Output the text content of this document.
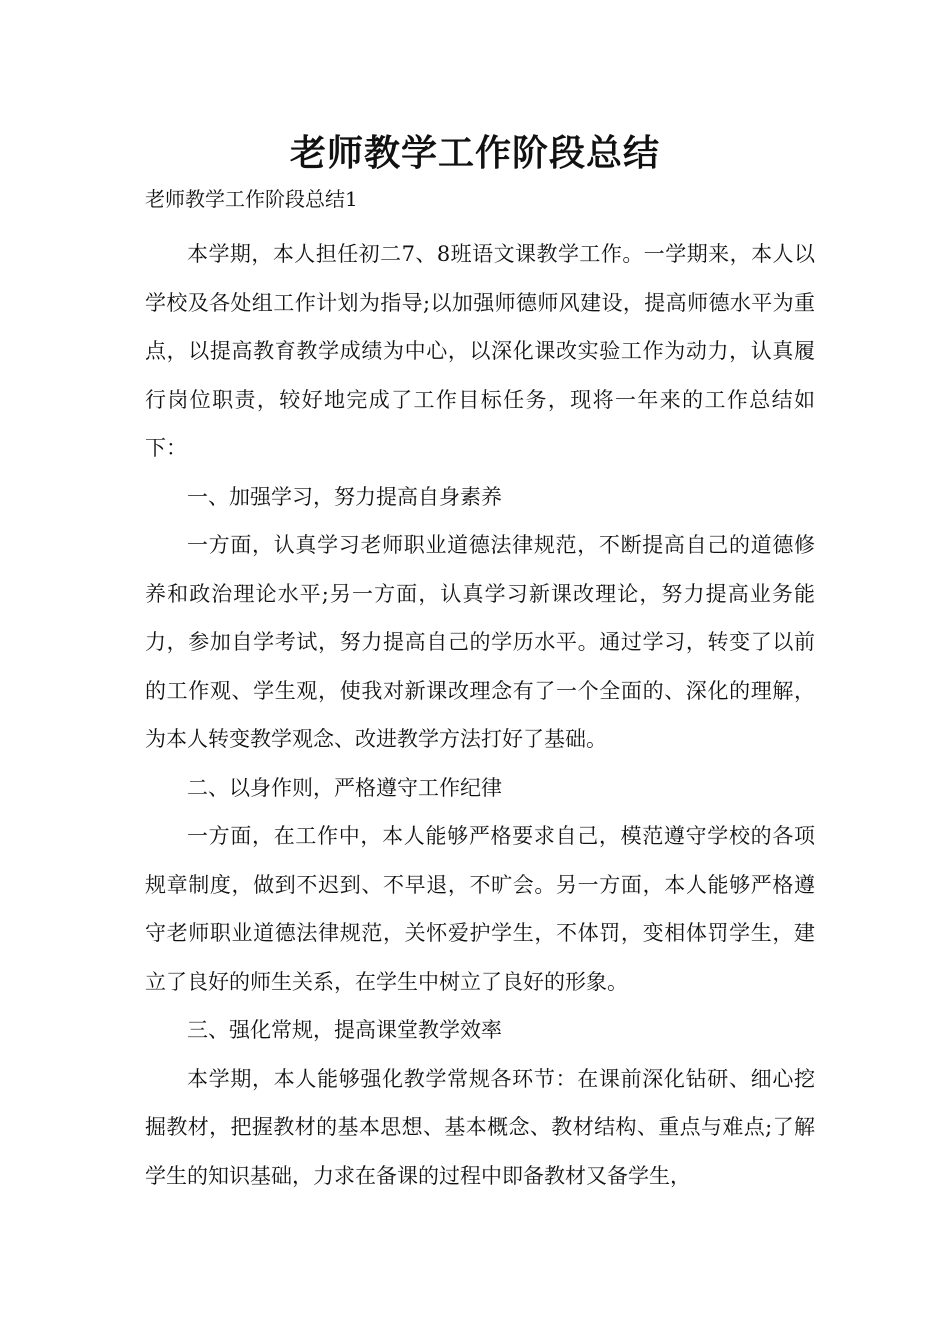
老师教学工作阶段总结
老师教学工作阶段总结1

本学期，本人担任初二7、8班语文课教学工作。一学期来，本人以学校及各处组工作计划为指导;以加强师德师风建设，提高师德水平为重点，以提高教育教学成绩为中心，以深化课改实验工作为动力，认真履行岗位职责，较好地完成了工作目标任务，现将一年来的工作总结如下：

一、加强学习，努力提高自身素养

一方面，认真学习老师职业道德法律规范，不断提高自己的道德修养和政治理论水平;另一方面，认真学习新课改理论，努力提高业务能力，参加自学考试，努力提高自己的学历水平。通过学习，转变了以前的工作观、学生观，使我对新课改理念有了一个全面的、深化的理解，为本人转变教学观念、改进教学方法打好了基础。

二、以身作则，严格遵守工作纪律

一方面，在工作中，本人能够严格要求自己，模范遵守学校的各项规章制度，做到不迟到、不早退，不旷会。另一方面，本人能够严格遵守老师职业道德法律规范，关怀爱护学生，不体罚，变相体罚学生，建立了良好的师生关系，在学生中树立了良好的形象。

三、强化常规，提高课堂教学效率

本学期，本人能够强化教学常规各环节：在课前深化钻研、细心挖掘教材，把握教材的基本思想、基本概念、教材结构、重点与难点;了解学生的知识基础，力求在备课的过程中即备教材又备学生，
